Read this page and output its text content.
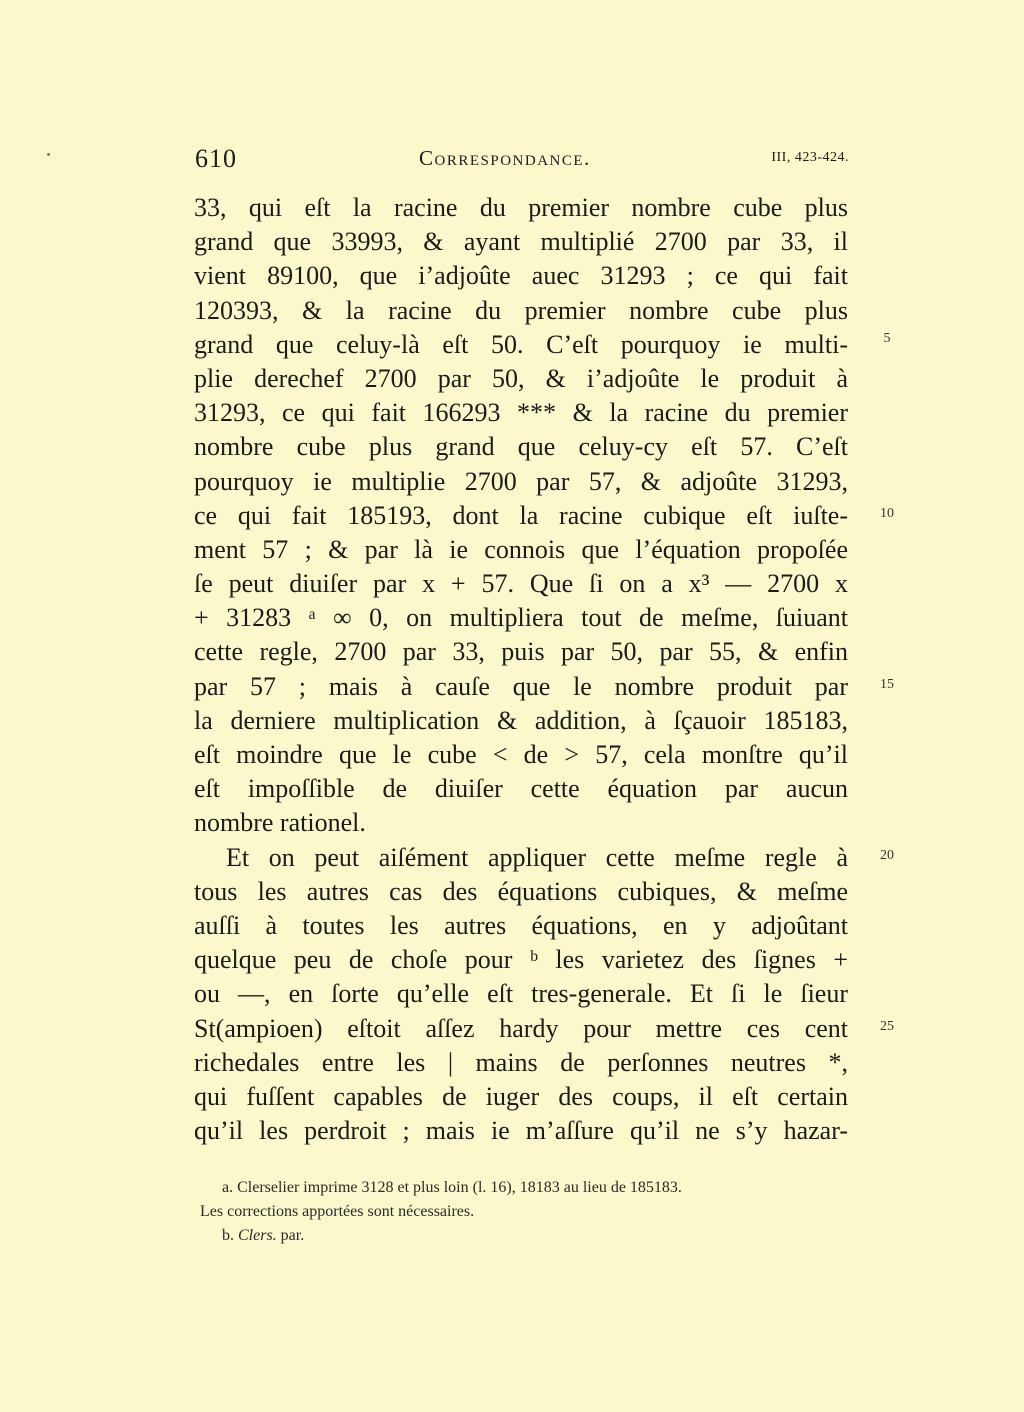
610	Correspondance.	III, 423-424.
33, qui eſt la racine du premier nombre cube plus
grand que 33993, & ayant multiplié 2700 par 33, il
vient 89100, que i’adjoûte auec 31293 ; ce qui fait
120393, & la racine du premier nombre cube plus
grand que celuy-là eſt 50. C’eſt pourquoy ie multi-
plie derechef 2700 par 50, & i’adjoûte le produit à
31293, ce qui fait 166293 *** & la racine du premier
nombre cube plus grand que celuy-cy eſt 57. C’eſt
pourquoy ie multiplie 2700 par 57, & adjoûte 31293,
ce qui fait 185193, dont la racine cubique eſt iuſte-
ment 57 ; & par là ie connois que l’équation propoſée
ſe peut diuiſer par x + 57. Que ſi on a x³ — 2700 x
+ 31283 ᵃ ∞ 0, on multipliera tout de meſme, ſuiuant
cette regle, 2700 par 33, puis par 50, par 55, & enfin
par 57 ; mais à cauſe que le nombre produit par
la derniere multiplication & addition, à ſçauoir 185183,
eſt moindre que le cube < de > 57, cela monſtre qu’il
eſt impoſſible de diuiſer cette équation par aucun
nombre rationel.
Et on peut aiſément appliquer cette meſme regle à
tous les autres cas des équations cubiques, & meſme
auſſi à toutes les autres équations, en y adjoûtant
quelque peu de choſe pour ᵇ les varietez des ſignes +
ou —, en ſorte qu’elle eſt tres-generale. Et ſi le ſieur
St(ampioen) eſtoit aſſez hardy pour mettre ces cent
richedales entre les | mains de perſonnes neutres *,
qui fuſſent capables de iuger des coups, il eſt certain
qu’il les perdroit ; mais ie m’aſſure qu’il ne s’y hazar-
5
10
15
20
25
a. Clerselier imprime 3128 et plus loin (l. 16), 18183 au lieu de 185183.
Les corrections apportées sont nécessaires.
b. Clers. par.
